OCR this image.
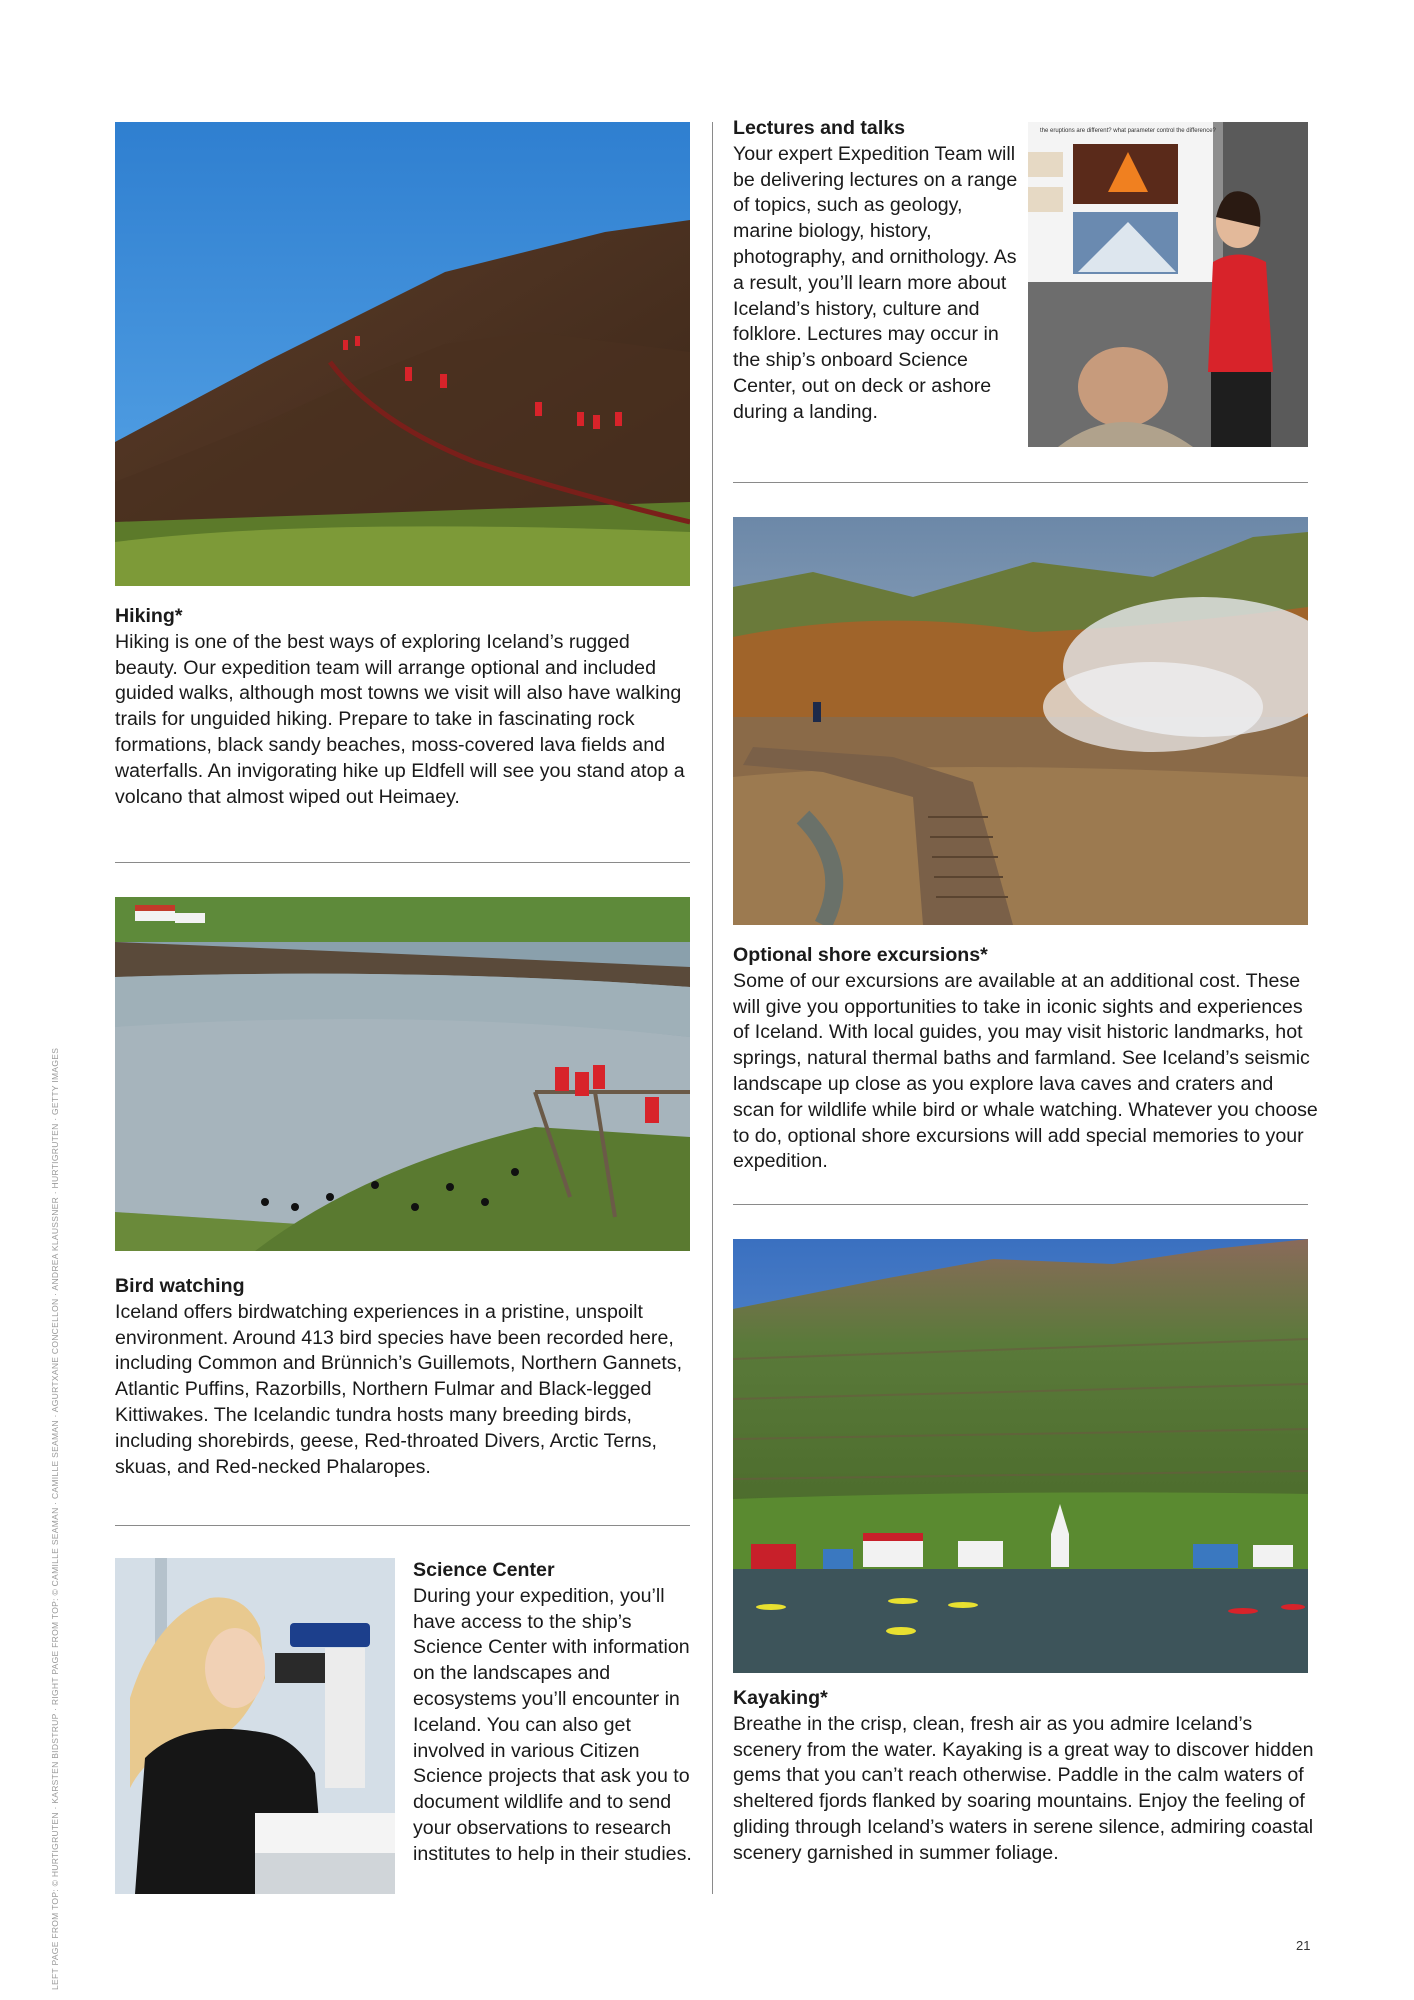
Hiking*

Hiking is one of the best ways of exploring Iceland’s rugged beauty. Our expedition team will arrange optional and included guided walks, although most towns we visit will also have walking trails for unguided hiking. Prepare to take in fascinating rock formations, black sandy beaches, moss-covered lava fields and waterfalls. An invigorating hike up Eldfell will see you stand atop a volcano that almost wiped out Heimaey.

Bird watching

Iceland offers birdwatching experiences in a pristine, unspoilt environment. Around 413 bird species have been recorded here, including Common and Brünnich’s Guillemots, Northern Gannets, Atlantic Puffins, Razorbills, Northern Fulmar and Black-legged Kittiwakes. The Icelandic tundra hosts many breeding birds, including shorebirds, geese, Red-throated Divers, Arctic Terns, skuas, and Red-necked Phalaropes.

Science Center

During your expedition, you’ll have access to the ship’s Science Center with information on the landscapes and ecosystems you’ll encounter in Iceland. You can also get involved in various Citizen Science projects that ask you to document wildlife and to send your observations to research institutes to help in their studies.

Lectures and talks

Your expert Expedition Team will be delivering lectures on a range of topics, such as geology, marine biology, history, photography, and ornithology. As a result, you’ll learn more about Iceland’s history, culture and folklore. Lectures may occur in the ship’s onboard Science Center, out on deck or ashore during a landing.

the eruptions are different? what parameter control the difference?
Optional shore excursions*

Some of our excursions are available at an additional cost. These will give you opportunities to take in iconic sights and experiences of Iceland. With local guides, you may visit historic landmarks, hot springs, natural thermal baths and farmland. See Iceland’s seismic landscape up close as you explore lava caves and craters and scan for wildlife while bird or whale watching. Whatever you choose to do, optional shore excursions will add special memories to your expedition.

Kayaking*

Breathe in the crisp, clean, fresh air as you admire Iceland’s scenery from the water. Kayaking is a great way to discover hidden gems that you can’t reach otherwise. Paddle in the calm waters of sheltered fjords flanked by soaring mountains. Enjoy the feeling of gliding through Iceland’s waters in serene silence, admiring coastal scenery garnished in summer foliage.

LEFT PAGE FROM TOP: © HURTIGRUTEN · KARSTEN BIDSTRUP · RIGHT PAGE FROM TOP: © CAMILLE SEAMAN · CAMILLE SEAMAN · AGURTXANE CONCELLON · ANDREA KLAUSSNER · HURTIGRUTEN · GETTY IMAGES	21
